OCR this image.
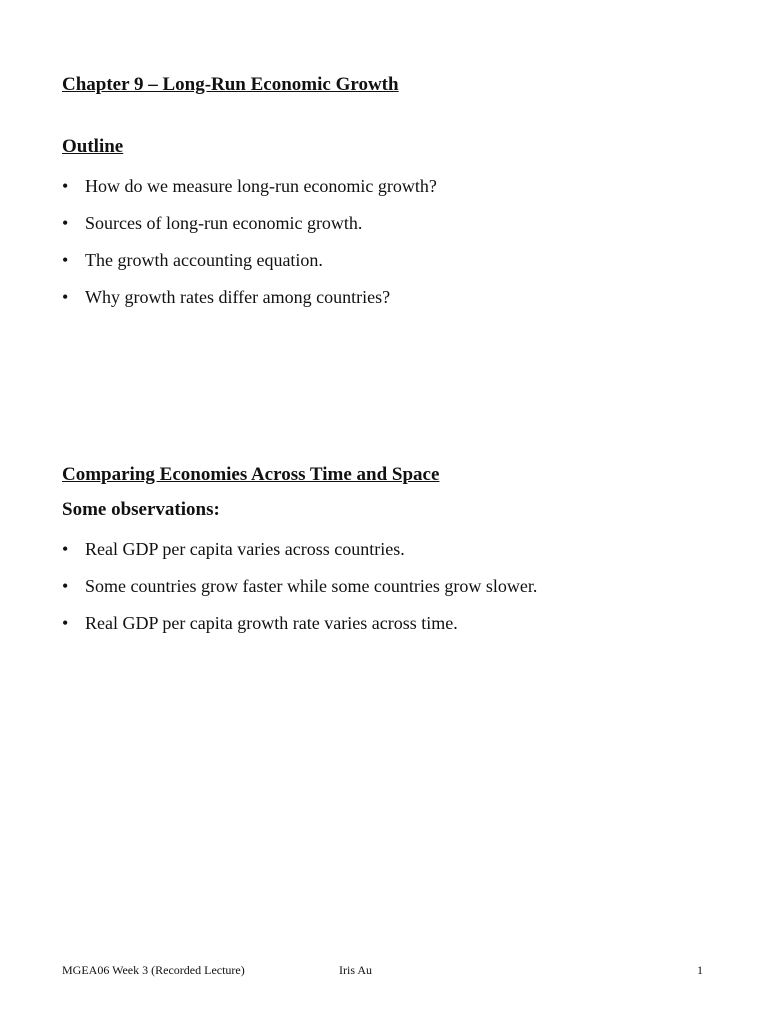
Chapter 9 – Long-Run Economic Growth
Outline
• How do we measure long-run economic growth?
• Sources of long-run economic growth.
• The growth accounting equation.
• Why growth rates differ among countries?
Comparing Economies Across Time and Space
Some observations:
• Real GDP per capita varies across countries.
• Some countries grow faster while some countries grow slower.
• Real GDP per capita growth rate varies across time.
MGEA06 Week 3 (Recorded Lecture)	Iris Au	1
